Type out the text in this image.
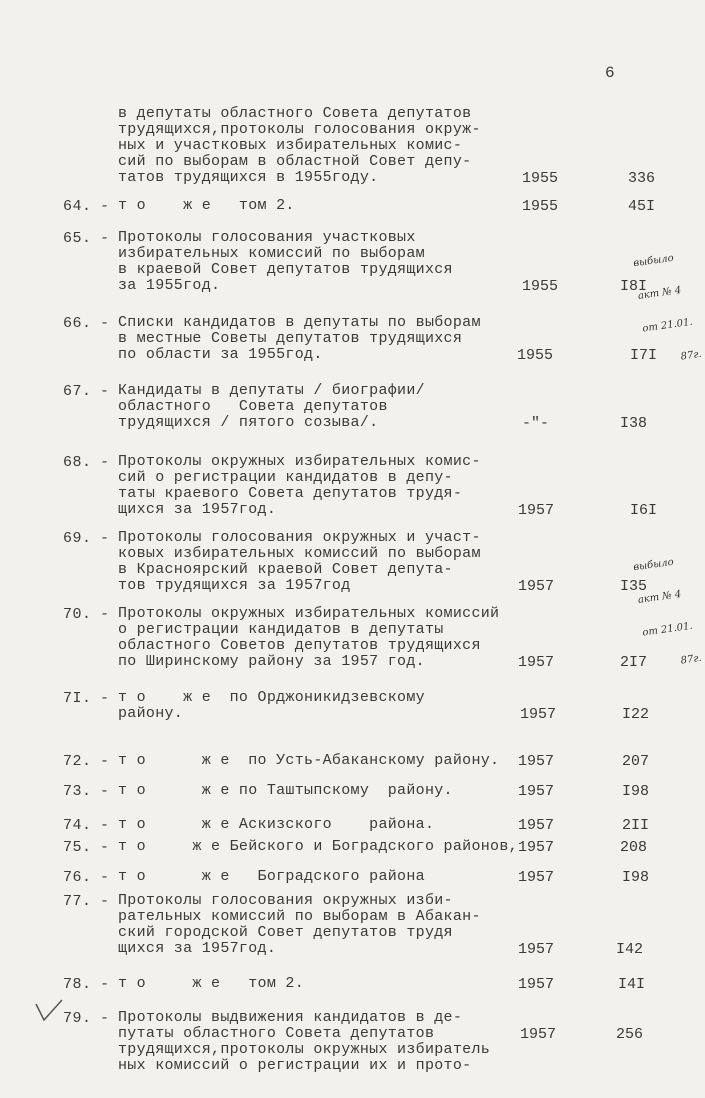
6
в депутаты областного Совета депутатов
трудящихся,протоколы голосования окруж-
ных и участковых избирательных комис-
сий по выборам в областной Совет депу-
татов трудящихся в 1955году.	1955	336
64. - т о    ж е   том 2.	1955	45I
65. - Протоколы голосования участковых
избирательных комиссий по выборам
в краевой Совет депутатов трудящихся
за 1955год.	1955	I8I
66. - Списки кандидатов в депутаты по выборам
в местные Советы депутатов трудящихся
по области за 1955год.	1955	I7I
67. - Кандидаты в депутаты / биографии/
областного   Совета депутатов
трудящихся / пятого созыва/.	-"-	I38
68. - Протоколы окружных избирательных комис-
сий о регистрации кандидатов в депу-
таты краевого Совета депутатов трудя-
щихся за 1957год.	1957	I6I
69. - Протоколы голосования окружных и участ-
ковых избирательных комиссий по выборам
в Красноярский краевой Совет депута-
тов трудящихся за 1957год	1957	I35
70. - Протоколы окружных избирательных комиссий
о регистрации кандидатов в депутаты
областного Советов депутатов трудящихся
по Ширинскому району за 1957 год.	1957	2I7
7I. - т о    ж е  по Орджоникидзевскому
району.	1957	I22
72. - т о      ж е  по Усть-Абаканскому району. 1957	207
73. - т о      ж е по Таштыпскому  району.	1957	I98
74. - т о      ж е Аскизского    района.	1957	2II
75. - т о     ж е Бейского и Боградского районов, 1957	208
76. - т о      ж е   Боградского района	1957	I98
77. - Протоколы голосования окружных изби-
рательных комиссий по выборам в Абакан-
ский городской Совет депутатов трудя
щихся за 1957год.	1957	I42
78. - т о     ж е   том 2.	1957	I4I
79. - Протоколы выдвижения кандидатов в де-
путаты областного Совета депутатов
трудящихся,протоколы окружных избиратель
ных комиссий о регистрации их и прото-
1957	256

выбыло

акт № 4

от 21.01.

87г.

выбыло

акт № 4

от 21.01.

87г.
